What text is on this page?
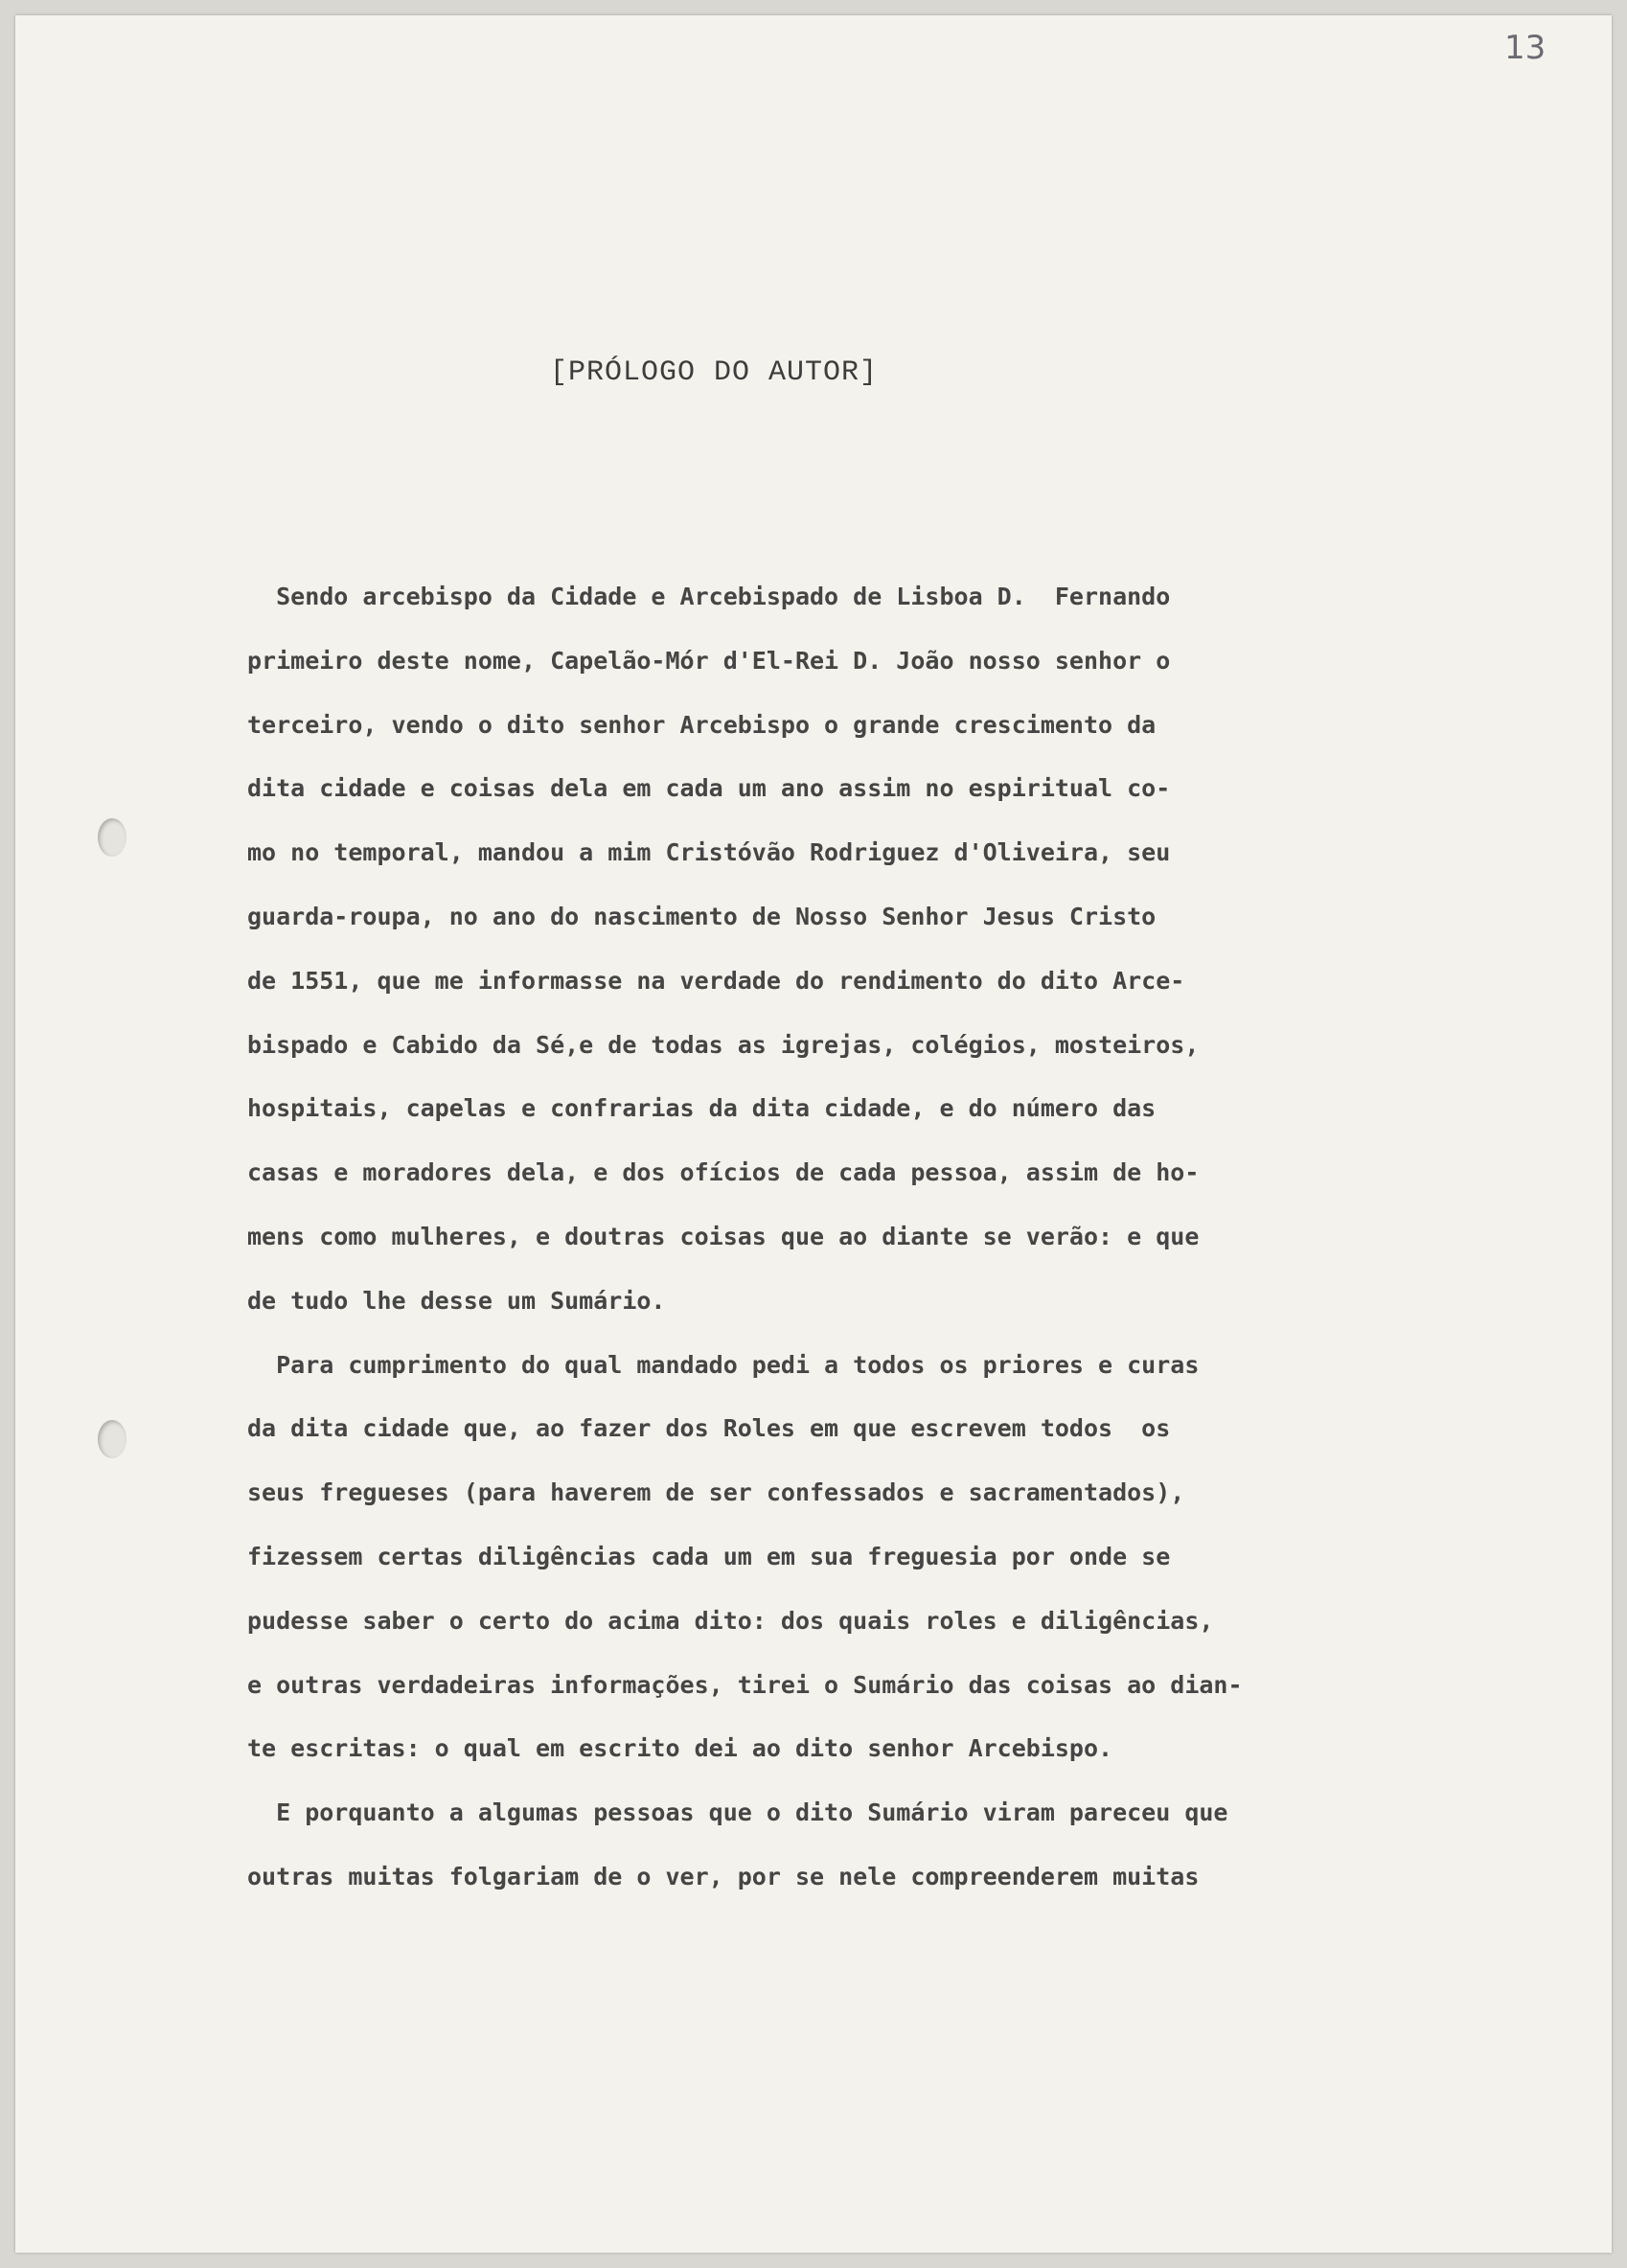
13
[PRÓLOGO DO AUTOR]

Sendo arcebispo da Cidade e Arcebispado de Lisboa D.  Fernando

primeiro deste nome, Capelão-Mór d'El-Rei D. João nosso senhor o

terceiro, vendo o dito senhor Arcebispo o grande crescimento da

dita cidade e coisas dela em cada um ano assim no espiritual co-

mo no temporal, mandou a mim Cristóvão Rodriguez d'Oliveira, seu

guarda-roupa, no ano do nascimento de Nosso Senhor Jesus Cristo

de 1551, que me informasse na verdade do rendimento do dito Arce-

bispado e Cabido da Sé,e de todas as igrejas, colégios, mosteiros,

hospitais, capelas e confrarias da dita cidade, e do número das

casas e moradores dela, e dos ofícios de cada pessoa, assim de ho-

mens como mulheres, e doutras coisas que ao diante se verão: e que

de tudo lhe desse um Sumário.

Para cumprimento do qual mandado pedi a todos os priores e curas

da dita cidade que, ao fazer dos Roles em que escrevem todos  os

seus fregueses (para haverem de ser confessados e sacramentados),

fizessem certas diligências cada um em sua freguesia por onde se

pudesse saber o certo do acima dito: dos quais roles e diligências,

e outras verdadeiras informações, tirei o Sumário das coisas ao dian-

te escritas: o qual em escrito dei ao dito senhor Arcebispo.

E porquanto a algumas pessoas que o dito Sumário viram pareceu que

outras muitas folgariam de o ver, por se nele compreenderem muitas
